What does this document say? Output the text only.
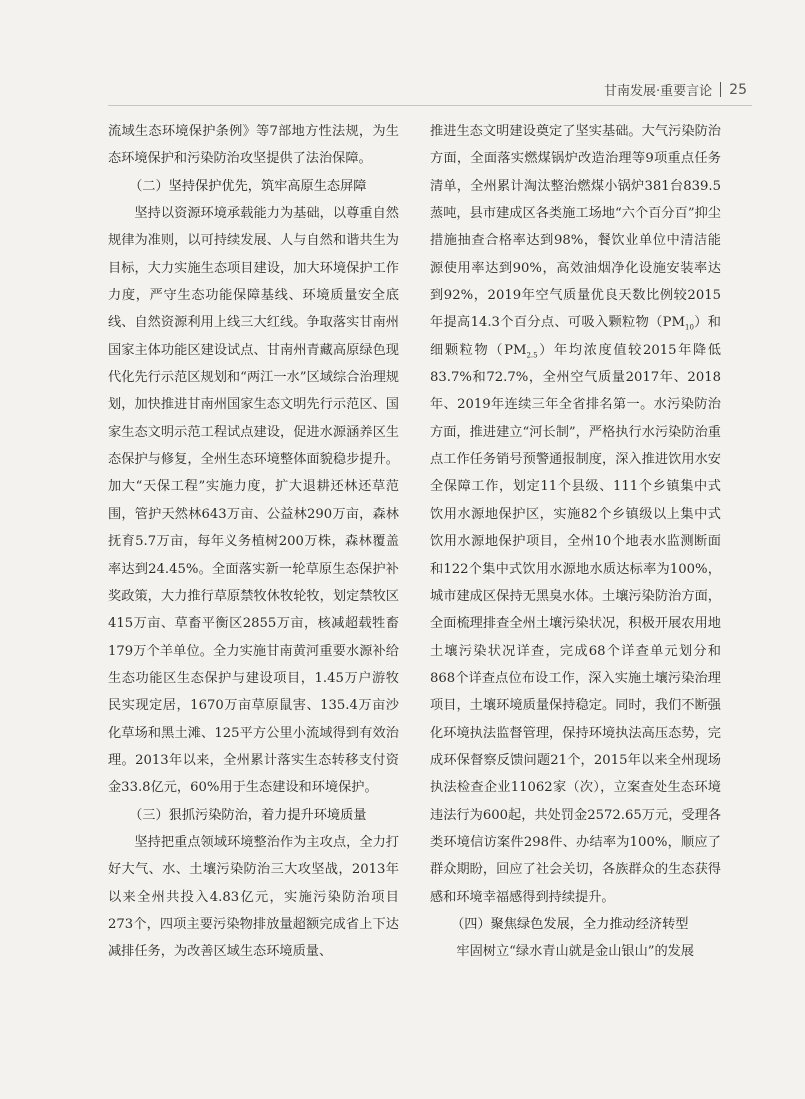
甘南发展·重要言论 25

流域生态环境保护条例》等7部地方性法规，为生态环境保护和污染防治攻坚提供了法治保障。

（二）坚持保护优先，筑牢高原生态屏障

坚持以资源环境承载能力为基础，以尊重自然规律为准则，以可持续发展、人与自然和谐共生为目标，大力实施生态项目建设，加大环境保护工作力度，严守生态功能保障基线、环境质量安全底线、自然资源利用上线三大红线。争取落实甘南州国家主体功能区建设试点、甘南州青藏高原绿色现代化先行示范区规划和“两江一水”区域综合治理规划，加快推进甘南州国家生态文明先行示范区、国家生态文明示范工程试点建设，促进水源涵养区生态保护与修复，全州生态环境整体面貌稳步提升。加大“天保工程”实施力度，扩大退耕还林还草范围，管护天然林643万亩、公益林290万亩，森林抚育5.7万亩，每年义务植树200万株，森林覆盖率达到24.45%。全面落实新一轮草原生态保护补奖政策，大力推行草原禁牧休牧轮牧，划定禁牧区415万亩、草畜平衡区2855万亩，核减超载牲畜179万个羊单位。全力实施甘南黄河重要水源补给生态功能区生态保护与建设项目，1.45万户游牧民实现定居，1670万亩草原鼠害、135.4万亩沙化草场和黑土滩、125平方公里小流域得到有效治理。2013年以来，全州累计落实生态转移支付资金33.8亿元，60%用于生态建设和环境保护。

（三）狠抓污染防治，着力提升环境质量

坚持把重点领域环境整治作为主攻点，全力打好大气、水、土壤污染防治三大攻坚战，2013年以来全州共投入4.83亿元，实施污染防治项目273个，四项主要污染物排放量超额完成省上下达减排任务，为改善区域生态环境质量、

推进生态文明建设奠定了坚实基础。大气污染防治方面，全面落实燃煤锅炉改造治理等9项重点任务清单，全州累计淘汰整治燃煤小锅炉381台839.5蒸吨，县市建成区各类施工场地“六个百分百”抑尘措施抽查合格率达到98%，餐饮业单位中清洁能源使用率达到90%，高效油烟净化设施安装率达到92%，2019年空气质量优良天数比例较2015年提高14.3个百分点、可吸入颗粒物$(PM_{10})$和细颗粒物$(PM_{2.5})$年均浓度值较2015年降低83.7%和72.7%，全州空气质量2017年、2018年、2019年连续三年全省排名第一。水污染防治方面，推进建立“河长制”，严格执行水污染防治重点工作任务销号预警通报制度，深入推进饮用水安全保障工作，划定11个县级、111个乡镇集中式饮用水源地保护区，实施82个乡镇级以上集中式饮用水源地保护项目，全州10个地表水监测断面和122个集中式饮用水源地水质达标率为100%，城市建成区保持无黑臭水体。土壤污染防治方面，全面梳理排查全州土壤污染状况，积极开展农用地土壤污染状况详查，完成68个详查单元划分和868个详查点位布设工作，深入实施土壤污染治理项目，土壤环境质量保持稳定。同时，我们不断强化环境执法监督管理，保持环境执法高压态势，完成环保督察反馈问题21个，2015年以来全州现场执法检查企业11062家（次），立案查处生态环境违法行为600起，共处罚金2572.65万元，受理各类环境信访案件298件、办结率为100%，顺应了群众期盼，回应了社会关切，各族群众的生态获得感和环境幸福感得到持续提升。

（四）聚焦绿色发展，全力推动经济转型

牢固树立“绿水青山就是金山银山”的发展
